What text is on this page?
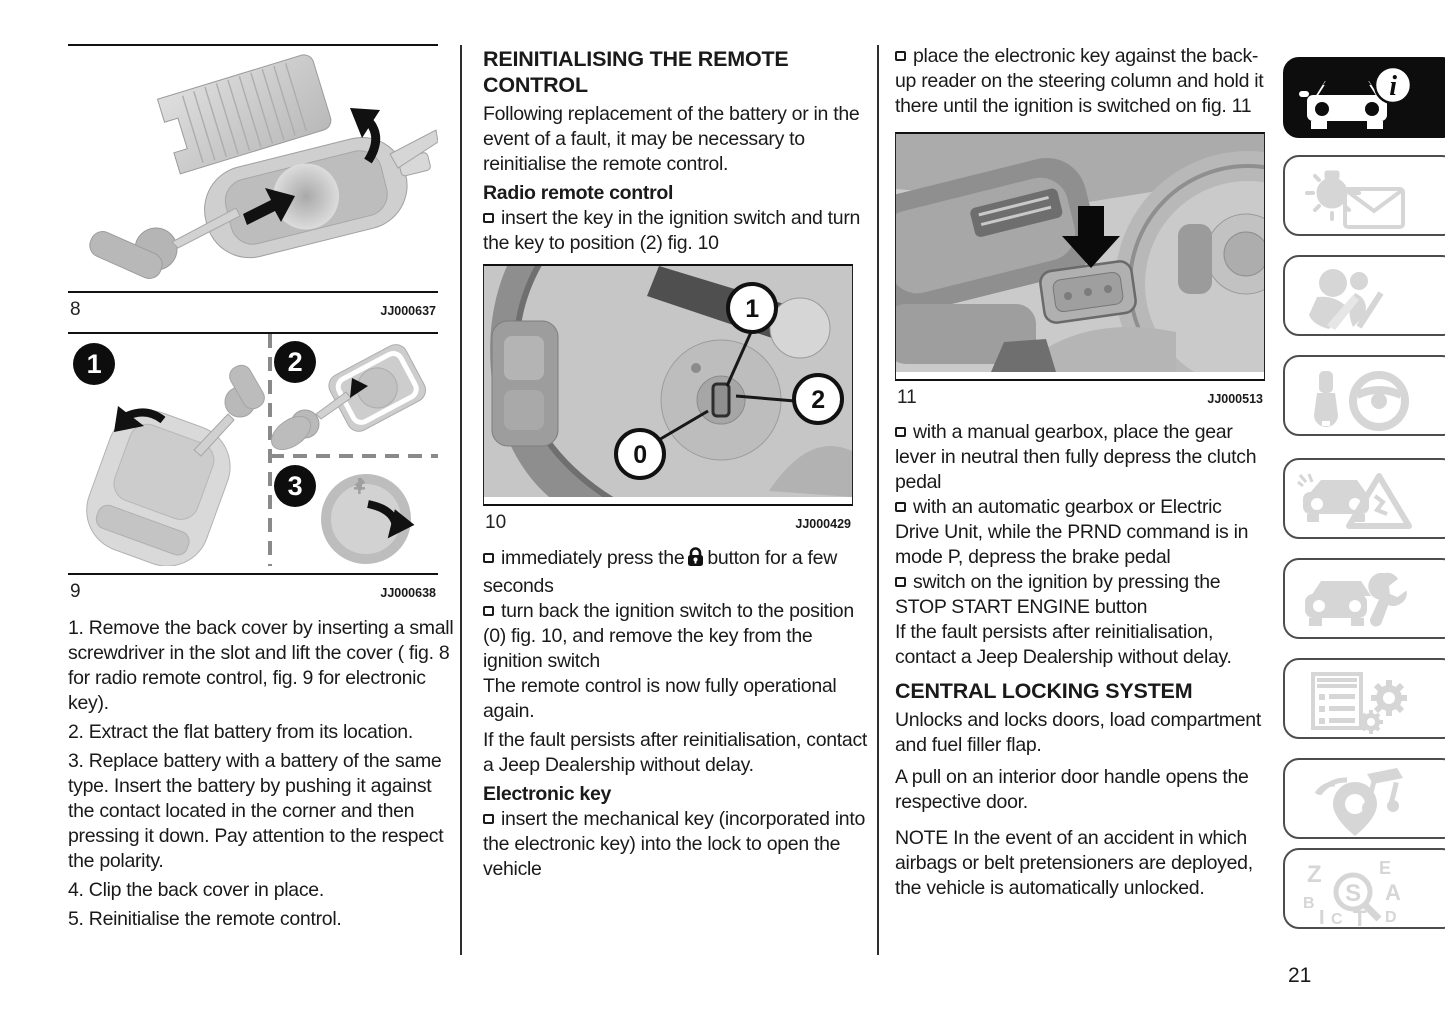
8	JJ000637
+
1	2
3
9	JJ000638

1. Remove the back cover by inserting a small screwdriver in the slot and lift the cover ( fig. 8 for radio remote control, fig. 9 for electronic key).

2. Extract the flat battery from its location.

3. Replace battery with a battery of the same type. Insert the battery by pushing it against the contact located in the corner and then pressing it down. Pay attention to the respect the polarity.

4. Clip the back cover in place.

5. Reinitialise the remote control.

REINITIALISING THE REMOTE CONTROL

Following replacement of the battery or in the event of a fault, it may be necessary to reinitialise the remote control.

Radio remote control

insert the key in the ignition switch and turn the key to position (2) fig. 10

1
2
0
10	JJ000429

immediately press the button for a few seconds

turn back the ignition switch to the position (0) fig. 10, and remove the key from the ignition switch

The remote control is now fully operational again.

If the fault persists after reinitialisation, contact a Jeep Dealership without delay.

Electronic key

insert the mechanical key (incorporated into the electronic key) into the lock to open the vehicle

place the electronic key against the back-up reader on the steering column and hold it there until the ignition is switched on fig. 11

11	JJ000513

with a manual gearbox, place the gear lever in neutral then fully depress the clutch pedal

with an automatic gearbox or Electric Drive Unit, while the PRND command is in mode P, depress the brake pedal

switch on the ignition by pressing the STOP START ENGINE button

If the fault persists after reinitialisation, contact a Jeep Dealership without delay.

CENTRAL LOCKING SYSTEM

Unlocks and locks doors, load compartment and fuel filler flap.

A pull on an interior door handle opens the respective door.

NOTE In the event of an accident in which airbags or belt pretensioners are deployed, the vehicle is automatically unlocked.

i
Z	E
B	A
I C	D
T
S
21
